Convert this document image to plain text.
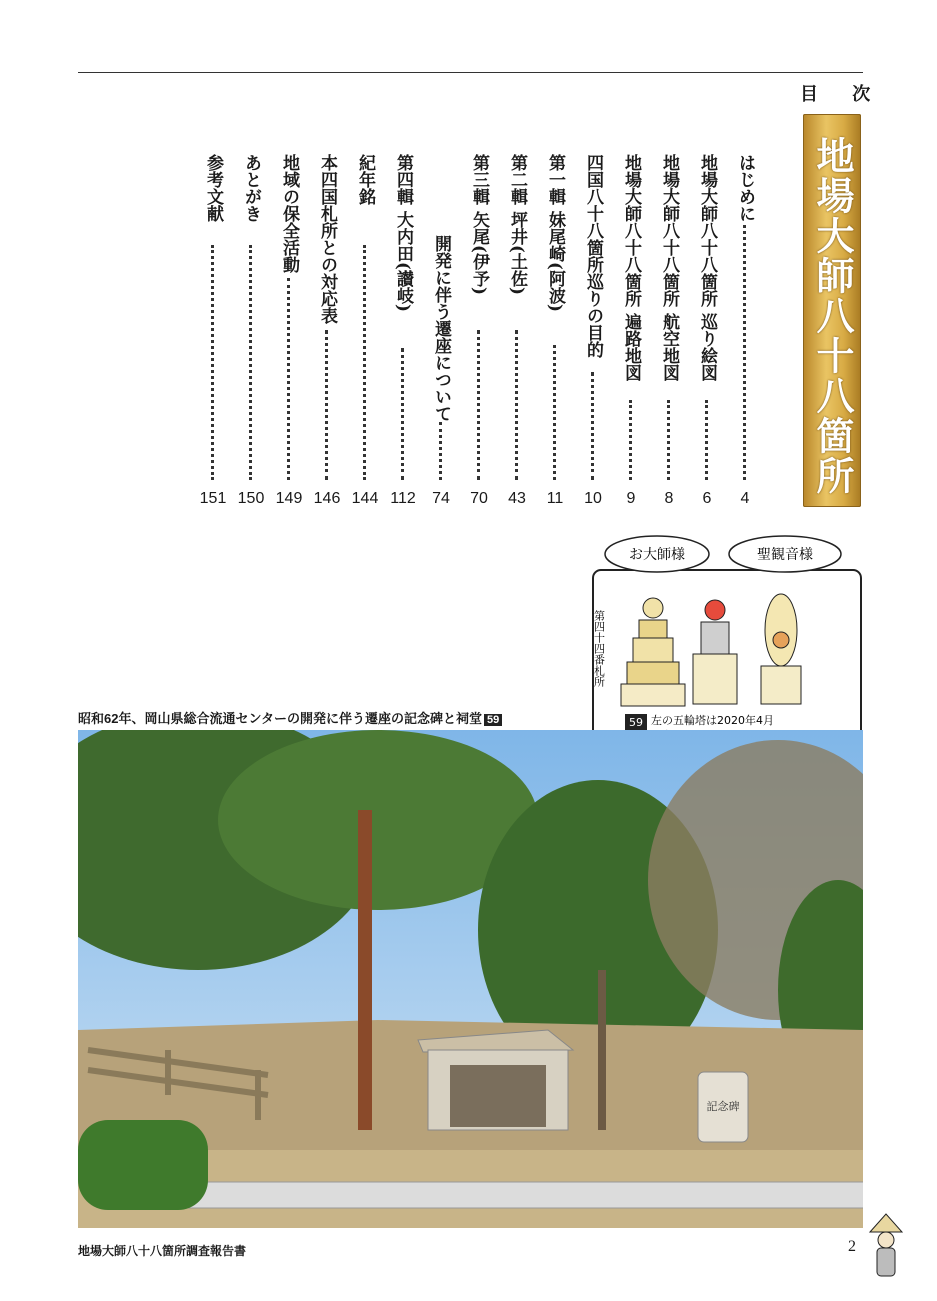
目 次
地場大師八十八箇所
はじめに
4
地場大師八十八箇所 巡り絵図
6
地場大師八十八箇所 航空地図
8
地場大師八十八箇所 遍路地図
9
四国八十八箇所巡りの目的
10
第一輯 妹尾崎(阿波)
11
第二輯 坪井(土佐)
43
第三輯 矢尾(伊予)
70
開発に伴う遷座について
74
第四輯 大内田(讃岐)
112
紀年銘
144
本四国札所との対応表
146
地域の保全活動
149
あとがき
150
参考文献
151
お大師様	聖観音様
第四十四番札所
59 左の五輪塔は2020年4月
昭和62年、岡山県総合流通センターの開発に伴う遷座の記念碑と祠堂 59
記念碑
地場大師八十八箇所調査報告書	2
